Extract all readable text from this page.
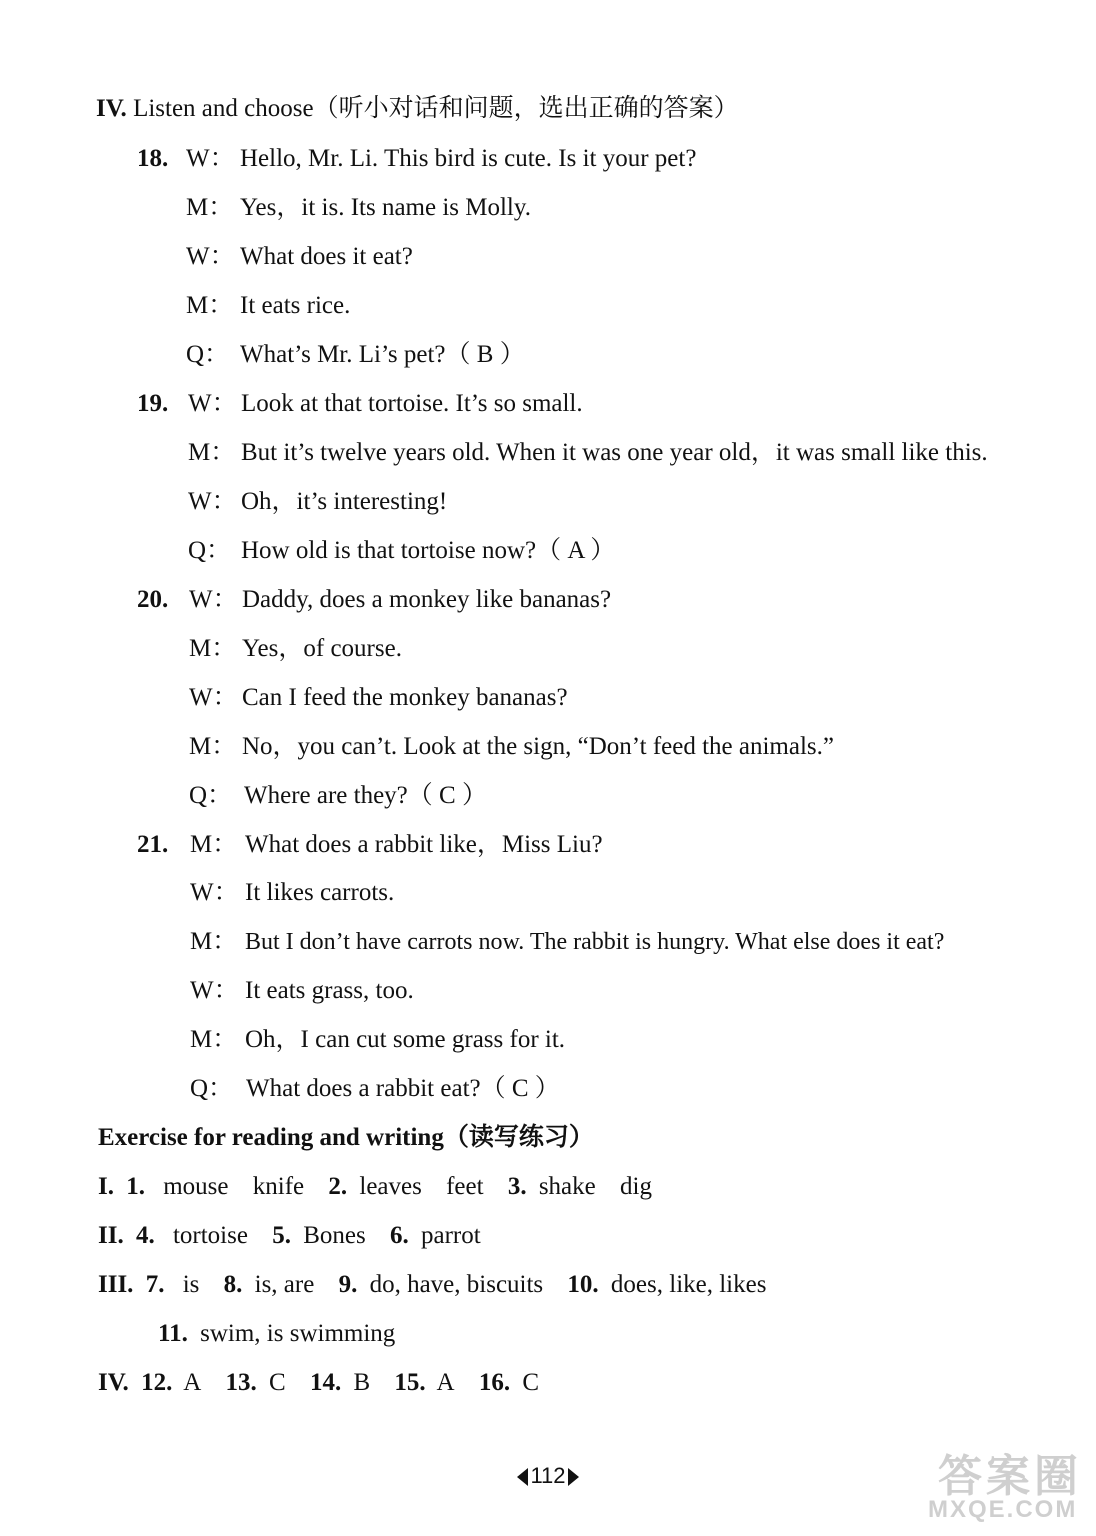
IV. Listen and choose（听小对话和问题，选出正确的答案）
18. W： Hello, Mr. Li. This bird is cute. Is it your pet?
M： Yes，it is. Its name is Molly.
W： What does it eat?
M： It eats rice.
Q： What’s Mr. Li’s pet?（ B ）
19. W： Look at that tortoise. It’s so small.
M： But it’s twelve years old. When it was one year old，it was small like this.
W： Oh，it’s interesting!
Q： How old is that tortoise now?（ A ）
20. W： Daddy, does a monkey like bananas?
M： Yes，of course.
W： Can I feed the monkey bananas?
M： No，you can’t. Look at the sign, “Don’t feed the animals.”
Q： Where are they?（ C ）
21. M： What does a rabbit like，Miss Liu?
W： It likes carrots.
M： But I don’t have carrots now. The rabbit is hungry. What else does it eat?
W： It eats grass, too.
M： Oh，I can cut some grass for it.
Q： What does a rabbit eat?（ C ）
Exercise for reading and writing（读写练习）
I. 1. mouse knife 2. leaves feet 3. shake dig
II. 4. tortoise 5. Bones 6. parrot
III. 7. is 8. is, are 9. do, have, biscuits 10. does, like, likes
11. swim, is swimming
IV. 12. A 13. C 14. B 15. A 16. C
112	答案圈
MXQE.COM
